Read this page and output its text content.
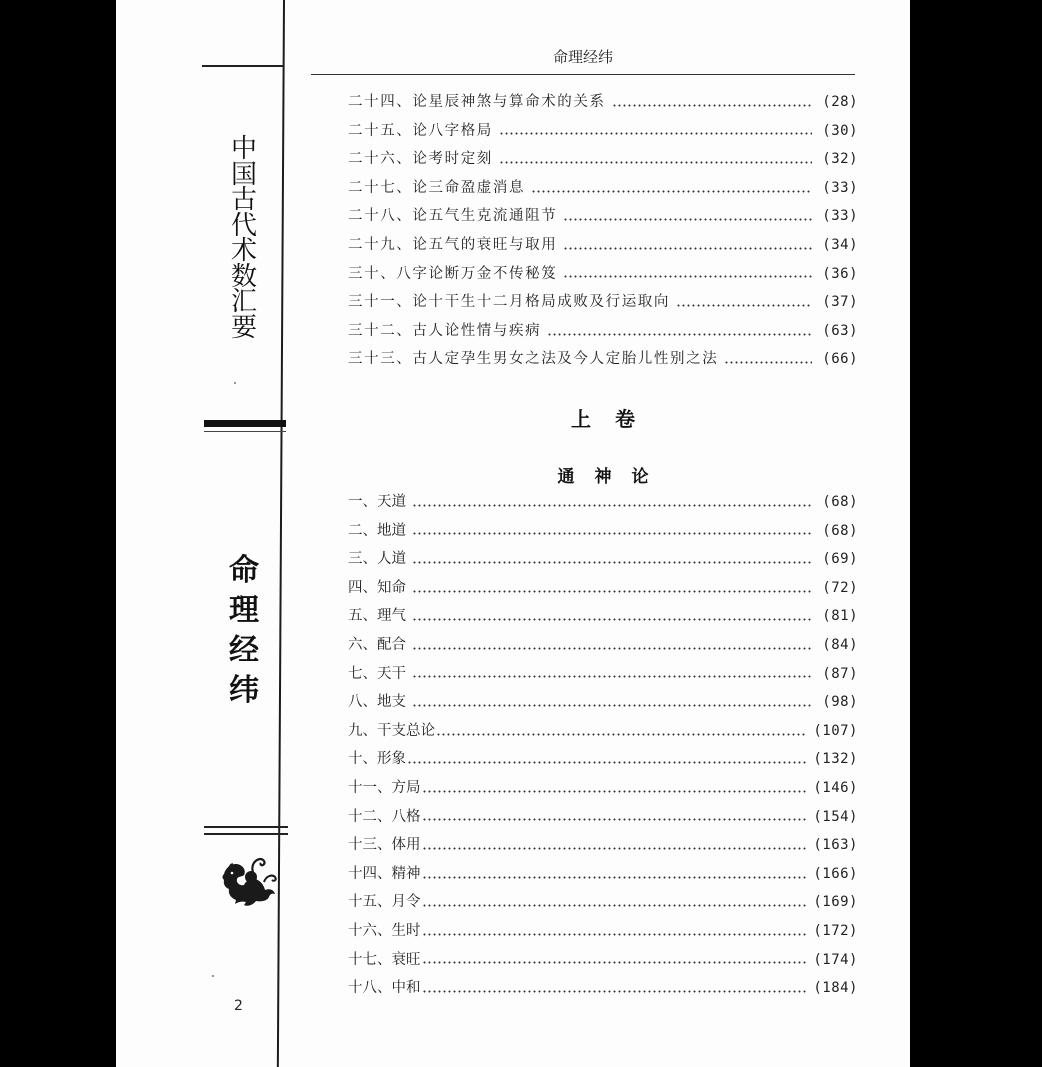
中
国
古
代
术
数
汇
要
命
理
经
纬
2
命理经纬
二十四、论星辰神煞与算命术的关系	(28)
二十五、论八字格局	(30)
二十六、论考时定刻	(32)
二十七、论三命盈虚消息	(33)
二十八、论五气生克流通阻节	(33)
二十九、论五气的衰旺与取用	(34)
三十、八字论断万金不传秘笈	(36)
三十一、论十干生十二月格局成败及行运取向	(37)
三十二、古人论性情与疾病	(63)
三十三、古人定孕生男女之法及今人定胎儿性别之法	(66)
上 卷
通 神 论
一、天道	(68)
二、地道	(68)
三、人道	(69)
四、知命	(72)
五、理气	(81)
六、配合	(84)
七、天干	(87)
八、地支	(98)
九、干支总论	(107)
十、形象	(132)
十一、方局	(146)
十二、八格	(154)
十三、体用	(163)
十四、精神	(166)
十五、月令	(169)
十六、生时	(172)
十七、衰旺	(174)
十八、中和	(184)
